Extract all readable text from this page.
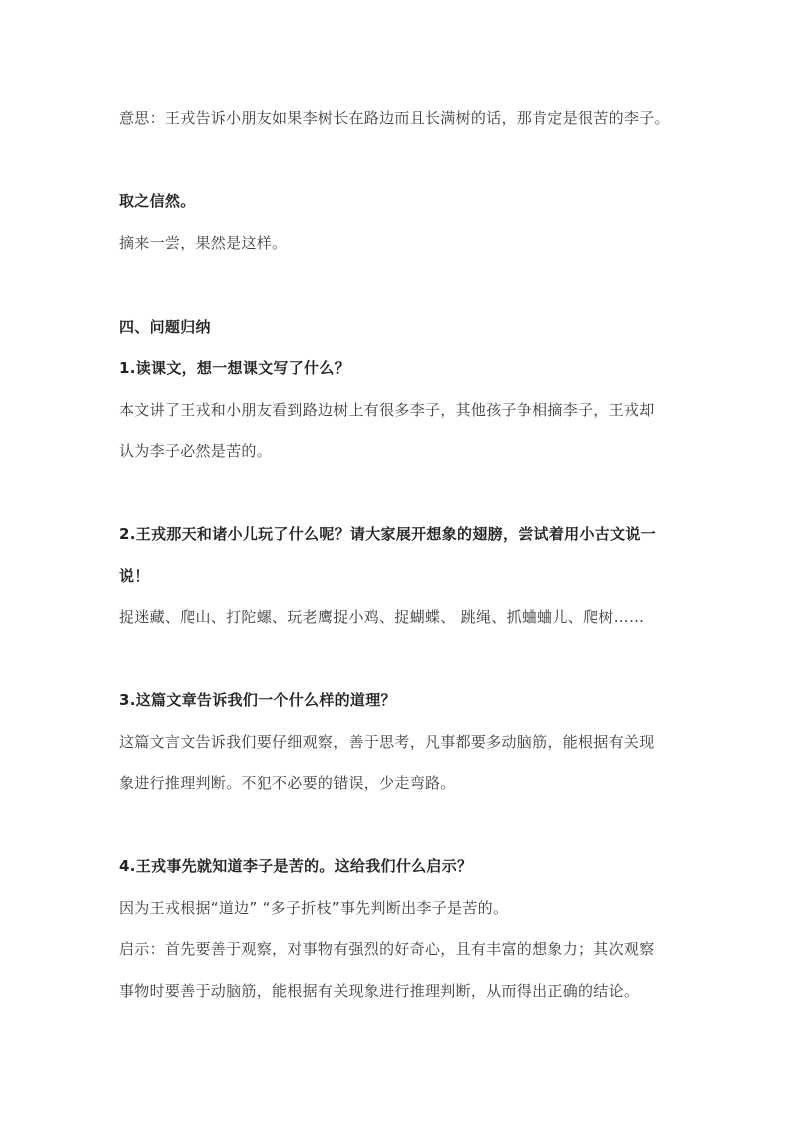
意思：王戎告诉小朋友如果李树长在路边而且长满树的话，那肯定是很苦的李子。
取之信然。
摘来一尝，果然是这样。
四、问题归纳
1.读课文，想一想课文写了什么？
本文讲了王戎和小朋友看到路边树上有很多李子，其他孩子争相摘李子，王戎却
认为李子必然是苦的。
2.王戎那天和诸小儿玩了什么呢？请大家展开想象的翅膀，尝试着用小古文说一
说！
捉迷藏、爬山、打陀螺、玩老鹰捉小鸡、捉蝴蝶、 跳绳、抓蛐蛐儿、爬树……
3.这篇文章告诉我们一个什么样的道理？
这篇文言文告诉我们要仔细观察，善于思考，凡事都要多动脑筋，能根据有关现
象进行推理判断。不犯不必要的错误，少走弯路。
4.王戎事先就知道李子是苦的。这给我们什么启示？
因为王戎根据“道边” “多子折枝”事先判断出李子是苦的。
启示：首先要善于观察，对事物有强烈的好奇心，且有丰富的想象力；其次观察
事物时要善于动脑筋，能根据有关现象进行推理判断，从而得出正确的结论。
